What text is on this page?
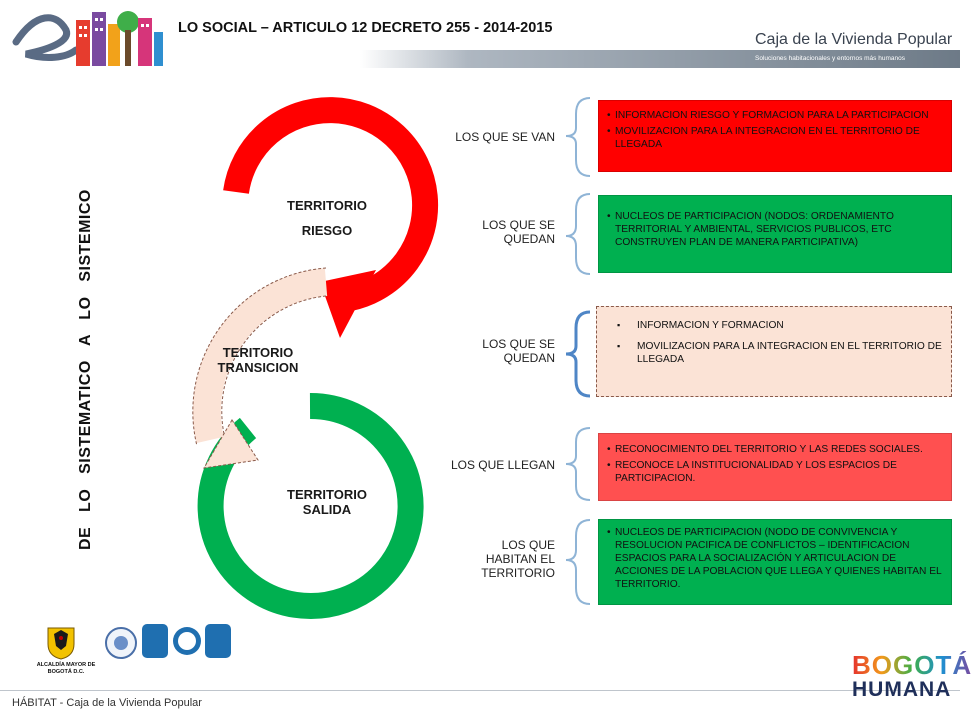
LO SOCIAL – ARTICULO 12 DECRETO 255 - 2014-2015
Caja de la Vivienda Popular
Soluciones habitacionales y entornos más humanos
DE   LO   SISTEMATICO   A   LO   SISTEMICO	TERRITORIO
RIESGO
TERITORIO
TRANSICION
TERRITORIO
SALIDA
LOS QUE SE VAN
LOS QUE SE
QUEDAN
LOS QUE SE
QUEDAN
LOS QUE LLEGAN
LOS QUE
HABITAN EL
TERRITORIO
• INFORMACION RIESGO Y FORMACION PARA LA PARTICIPACION
• MOVILIZACION PARA LA INTEGRACION EN EL TERRITORIO DE LLEGADA
• NUCLEOS DE PARTICIPACION (NODOS: ORDENAMIENTO TERRITORIAL Y AMBIENTAL, SERVICIOS PUBLICOS, ETC CONSTRUYEN PLAN DE MANERA PARTICIPATIVA)
▪ INFORMACION Y FORMACION
▪ MOVILIZACION PARA LA INTEGRACION EN EL TERRITORIO DE LLEGADA
• RECONOCIMIENTO DEL TERRITORIO Y LAS REDES SOCIALES.
• RECONOCE LA INSTITUCIONALIDAD Y LOS ESPACIOS DE PARTICIPACION.
• NUCLEOS DE PARTICIPACION (NODO DE CONVIVENCIA Y RESOLUCION PACIFICA DE CONFLICTOS – IDENTIFICACION ESPACIOS PARA LA SOCIALIZACIÓN Y ARTICULACION DE ACCIONES DE LA POBLACION QUE LLEGA Y QUIENES HABITAN EL TERRITORIO.
ALCALDÍA MAYOR DE BOGOTÁ D.C.
HÁBITAT - Caja de la Vivienda Popular
BOGOTÁ
HUMANA
